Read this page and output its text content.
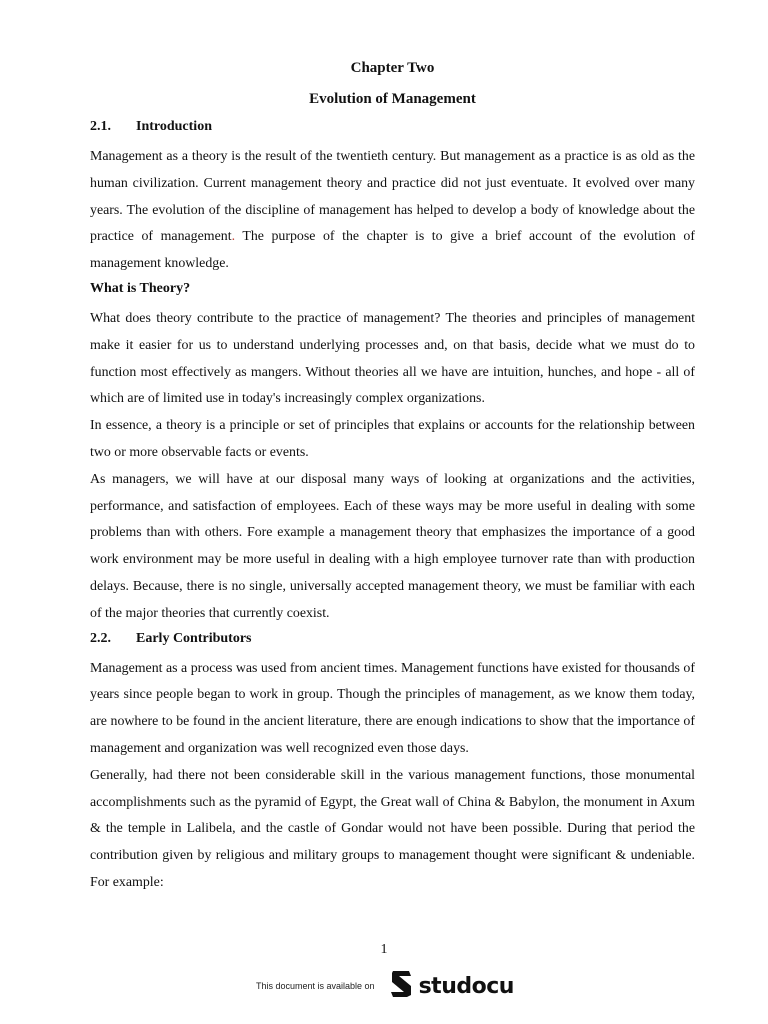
Chapter Two
Evolution of Management
2.1.	Introduction

Management as a theory is the result of the twentieth century. But management as a practice is as old as the human civilization. Current management theory and practice did not just eventuate. It evolved over many years. The evolution of the discipline of management has helped to develop a body of knowledge about the practice of management. The purpose of the chapter is to give a brief account of the evolution of management knowledge.

What is Theory?

What does theory contribute to the practice of management? The theories and principles of management make it easier for us to understand underlying processes and, on that basis, decide what we must do to function most effectively as mangers. Without theories all we have are intuition, hunches, and hope - all of which are of limited use in today's increasingly complex organizations.

In essence, a theory is a principle or set of principles that explains or accounts for the relationship between two or more observable facts or events.

As managers, we will have at our disposal many ways of looking at organizations and the activities, performance, and satisfaction of employees. Each of these ways may be more useful in dealing with some problems than with others. Fore example a management theory that emphasizes the importance of a good work environment may be more useful in dealing with a high employee turnover rate than with production delays. Because, there is no single, universally accepted management theory, we must be familiar with each of the major theories that currently coexist.

2.2.	Early Contributors

Management as a process was used from ancient times. Management functions have existed for thousands of years since people began to work in group. Though the principles of management, as we know them today, are nowhere to be found in the ancient literature, there are enough indications to show that the importance of management and organization was well recognized even those days.

Generally, had there not been considerable skill in the various management functions, those monumental accomplishments such as the pyramid of Egypt, the Great wall of China & Babylon, the monument in Axum & the temple in Lalibela, and the castle of Gondar would not have been possible. During that period the contribution given by religious and military groups to management thought were significant & undeniable. For example:

1
This document is available on studocu
